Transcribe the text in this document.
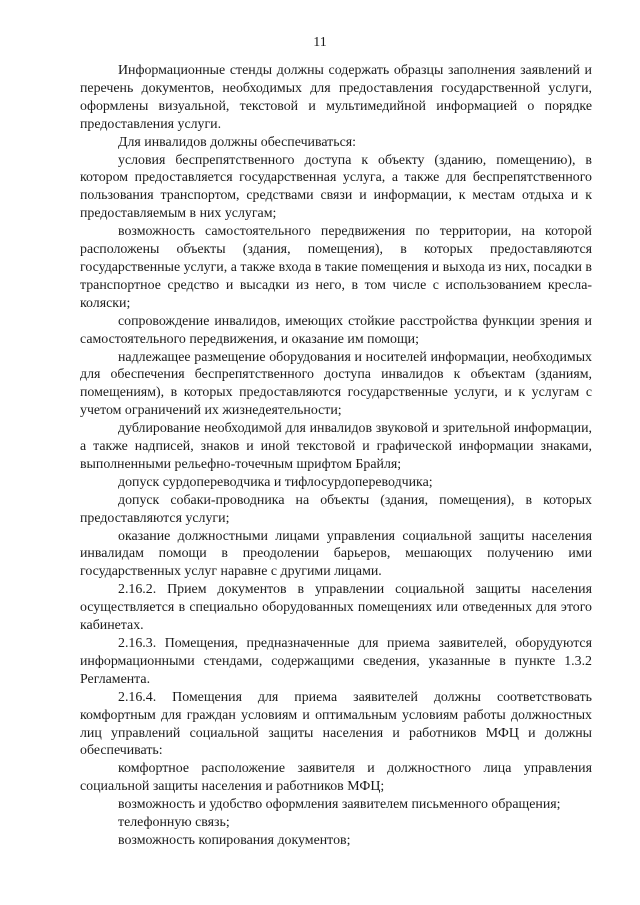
11

Информационные стенды должны содержать образцы заполнения заявлений и перечень документов, необходимых для предоставления государственной услуги, оформлены визуальной, текстовой и мультимедийной информацией о порядке предоставления услуги.

Для инвалидов должны обеспечиваться:

условия беспрепятственного доступа к объекту (зданию, помещению), в котором предоставляется государственная услуга, а также для беспрепятственного пользования транспортом, средствами связи и информации, к местам отдыха и к предоставляемым в них услугам;

возможность самостоятельного передвижения по территории, на которой расположены объекты (здания, помещения), в которых предоставляются государственные услуги, а также входа в такие помещения и выхода из них, посадки в транспортное средство и высадки из него, в том числе с использованием кресла-коляски;

сопровождение инвалидов, имеющих стойкие расстройства функции зрения и самостоятельного передвижения, и оказание им помощи;

надлежащее размещение оборудования и носителей информации, необходимых для обеспечения беспрепятственного доступа инвалидов к объектам (зданиям, помещениям), в которых предоставляются государственные услуги, и к услугам с учетом ограничений их жизнедеятельности;

дублирование необходимой для инвалидов звуковой и зрительной информации, а также надписей, знаков и иной текстовой и графической информации знаками, выполненными рельефно-точечным шрифтом Брайля;

допуск сурдопереводчика и тифлосурдопереводчика;

допуск собаки-проводника на объекты (здания, помещения), в которых предоставляются услуги;

оказание должностными лицами управления социальной защиты населения инвалидам помощи в преодолении барьеров, мешающих получению ими государственных услуг наравне с другими лицами.

2.16.2. Прием документов в управлении социальной защиты населения осуществляется в специально оборудованных помещениях или отведенных для этого кабинетах.

2.16.3. Помещения, предназначенные для приема заявителей, оборудуются информационными стендами, содержащими сведения, указанные в пункте 1.3.2 Регламента.

2.16.4. Помещения для приема заявителей должны соответствовать комфортным для граждан условиям и оптимальным условиям работы должностных лиц управлений социальной защиты населения и работников МФЦ и должны обеспечивать:

комфортное расположение заявителя и должностного лица управления социальной защиты населения и работников МФЦ;

возможность и удобство оформления заявителем письменного обращения;

телефонную связь;

возможность копирования документов;
